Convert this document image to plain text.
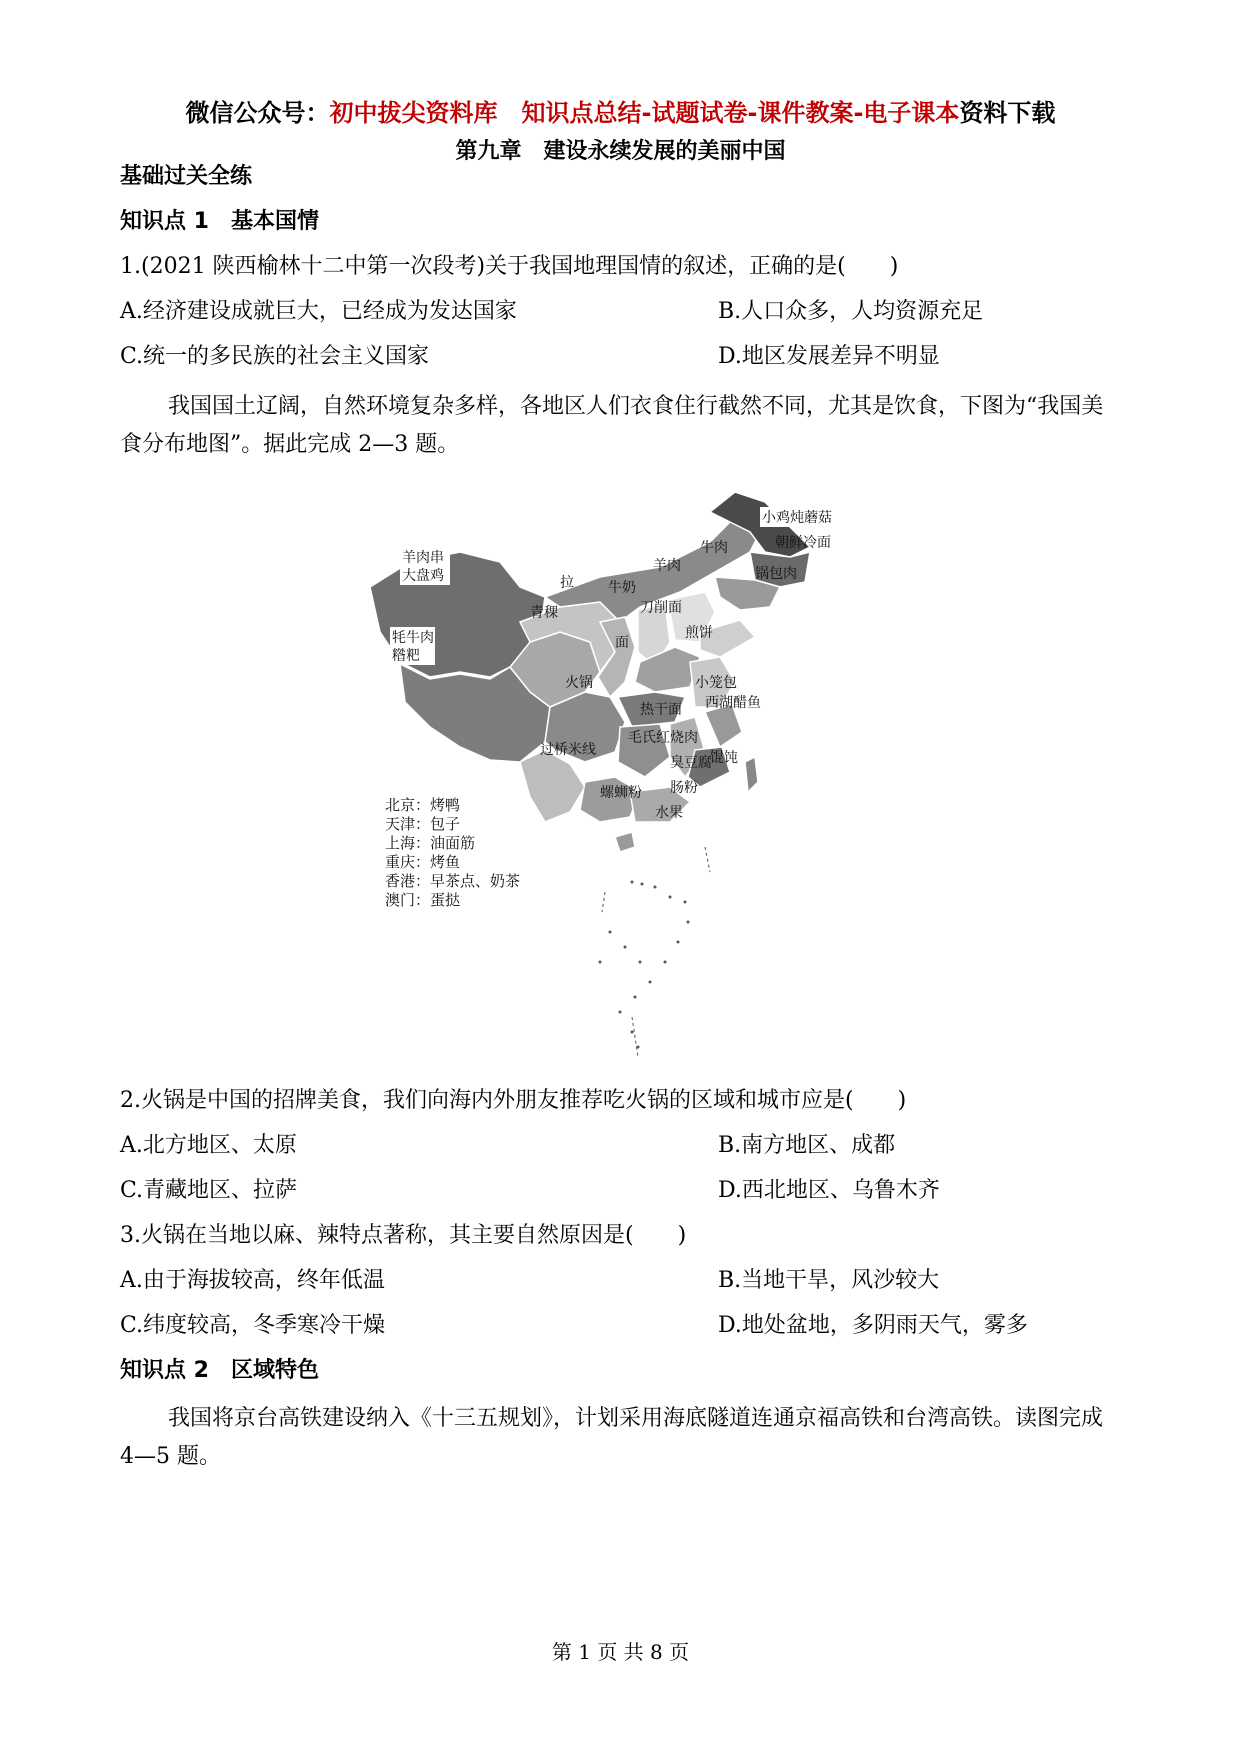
微信公众号：初中拔尖资料库　知识点总结-试题试卷-课件教案-电子课本资料下载
第九章　建设永续发展的美丽中国
基础过关全练
知识点 1　基本国情
1.(2021 陕西榆林十二中第一次段考)关于我国地理国情的叙述，正确的是(　　)
A.经济建设成就巨大，已经成为发达国家	B.人口众多，人均资源充足
C.统一的多民族的社会主义国家	D.地区发展差异不明显
我国国土辽阔，自然环境复杂多样，各地区人们衣食住行截然不同，尤其是饮食，下图为“我国美食分布地图”。据此完成 2—3 题。
羊肉串
大盘鸡
牦牛肉
糌粑
青稞
拉
面
牛奶
羊肉
牛肉
小鸡炖蘑菇
朝鲜冷面
锅包肉
刀削面
煎饼
火锅
过桥米线
螺蛳粉
水果
西湖醋鱼
毛氏红烧肉
肠粉
小笼包
热干面
臭豆腐
馄饨
北京：烤鸭
天津：包子
上海：油面筋
重庆：烤鱼
香港：早茶点、奶茶
澳门：蛋挞
2.火锅是中国的招牌美食，我们向海内外朋友推荐吃火锅的区域和城市应是(　　)
A.北方地区、太原	B.南方地区、成都
C.青藏地区、拉萨	D.西北地区、乌鲁木齐
3.火锅在当地以麻、辣特点著称，其主要自然原因是(　　)
A.由于海拔较高，终年低温	B.当地干旱，风沙较大
C.纬度较高，冬季寒冷干燥	D.地处盆地，多阴雨天气，雾多
知识点 2　区域特色
我国将京台高铁建设纳入《十三五规划》，计划采用海底隧道连通京福高铁和台湾高铁。读图完成 4—5 题。
第 1 页 共 8 页
